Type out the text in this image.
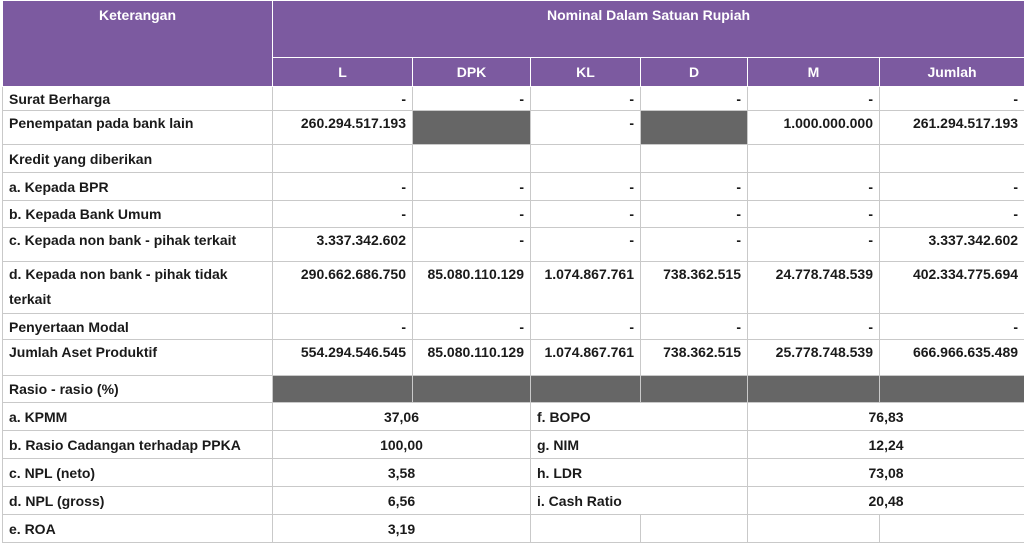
Keterangan	Nominal Dalam Satuan Rupiah					
	L	DPK	KL	D	M	Jumlah
Surat Berharga	-	-	-	-	-	-
Penempatan pada bank lain	260.294.517.193		-		1.000.000.000	261.294.517.193
Kredit yang diberikan						
a. Kepada BPR	-	-	-	-	-	-
b. Kepada Bank Umum	-	-	-	-	-	-
c. Kepada non bank - pihak terkait	3.337.342.602	-	-	-	-	3.337.342.602
d. Kepada non bank - pihak tidak terkait	290.662.686.750	85.080.110.129	1.074.867.761	738.362.515	24.778.748.539	402.334.775.694
Penyertaan Modal	-	-	-	-	-	-
Jumlah Aset Produktif	554.294.546.545	85.080.110.129	1.074.867.761	738.362.515	25.778.748.539	666.966.635.489
Rasio - rasio (%)						
a. KPMM	37,06		f. BOPO		76,83	
b. Rasio Cadangan terhadap PPKA	100,00		g. NIM		12,24	
c. NPL (neto)	3,58		h. LDR		73,08	
d. NPL (gross)	6,56		i. Cash Ratio		20,48	
e. ROA	3,19					
